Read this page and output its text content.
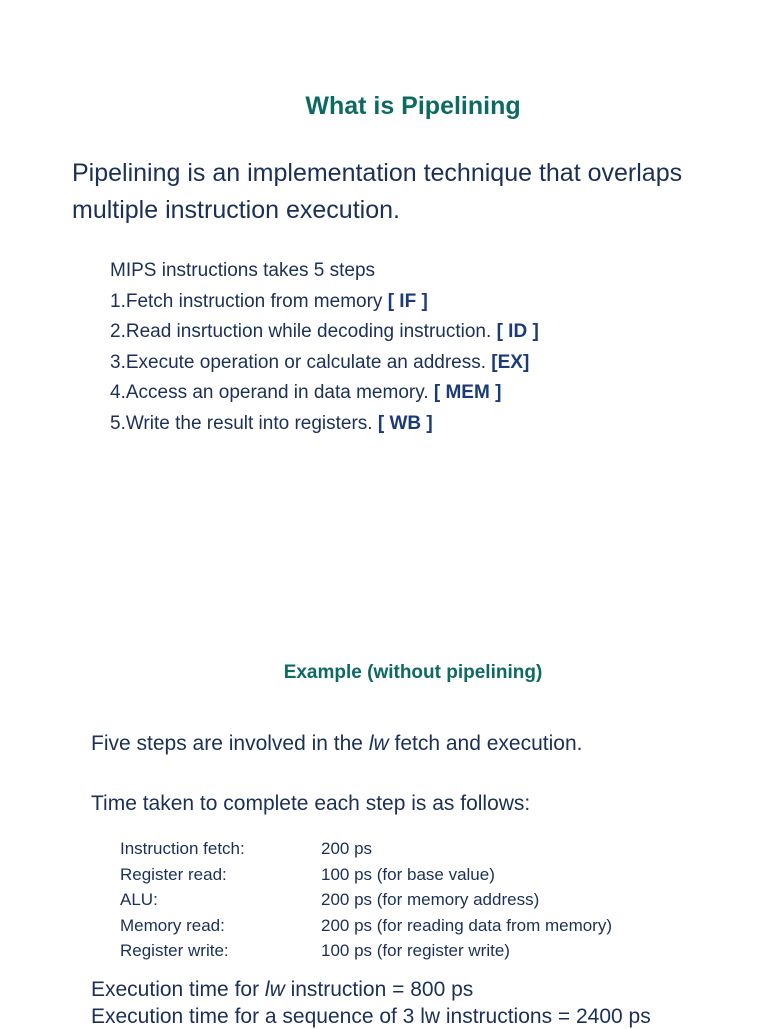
What is Pipelining
Pipelining is an implementation technique that overlaps
multiple instruction execution.
MIPS instructions takes 5 steps
1.Fetch instruction from memory [ IF ]
2.Read insrtuction while decoding instruction. [ ID ]
3.Execute operation or calculate an address. [EX]
4.Access an operand in data memory. [ MEM ]
5.Write the result into registers. [ WB ]
Example (without pipelining)
Five steps are involved in the lw fetch and execution.
Time taken to complete each step is as follows:
Instruction fetch:	200 ps
Register read:	100 ps (for base value)
ALU:	200 ps (for memory address)
Memory read:	200 ps (for reading data from memory)
Register write:	100 ps (for register write)
Execution time for lw instruction = 800 ps
Execution time for a sequence of 3 lw instructions = 2400 ps
